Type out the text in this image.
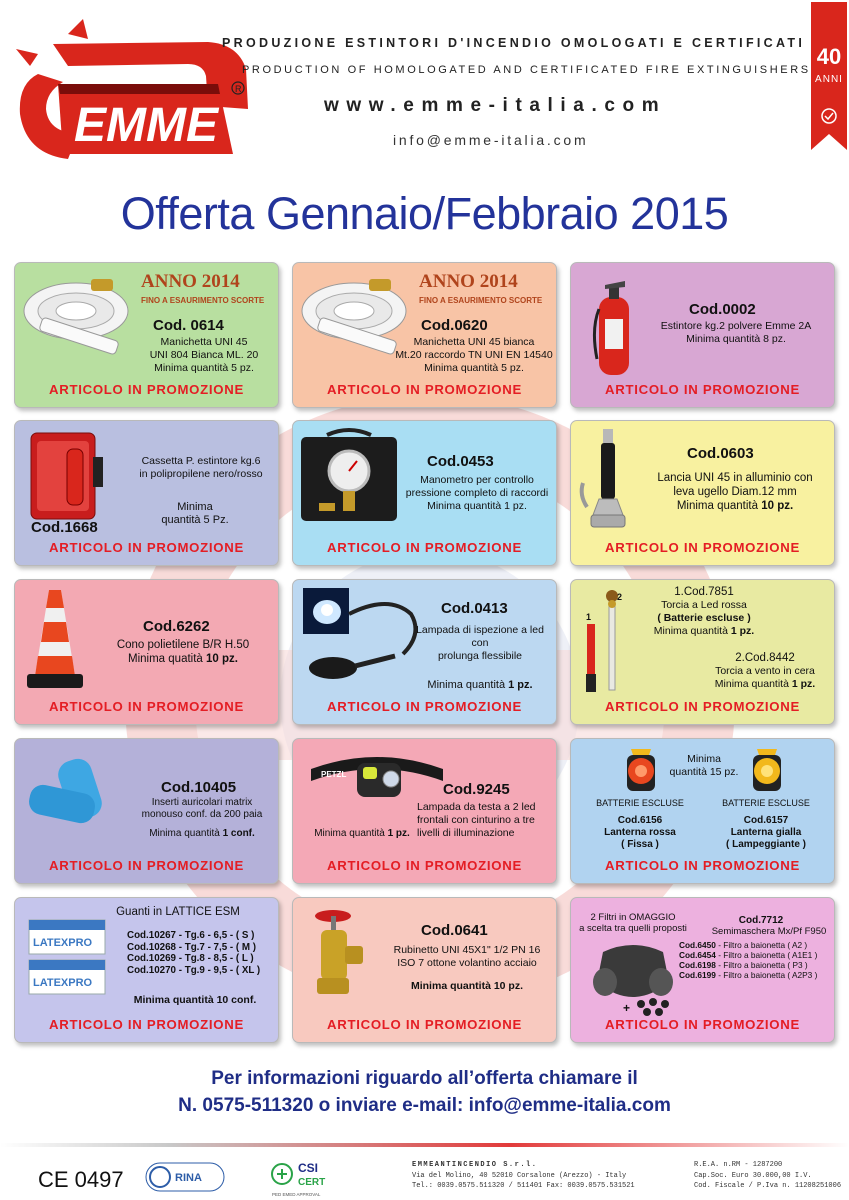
EMME
R
PRODUZIONE ESTINTORI D'INCENDIO OMOLOGATI E CERTIFICATI
PRODUCTION OF HOMOLOGATED AND CERTIFICATED FIRE EXTINGUISHERS
www.emme-italia.com
info@emme-italia.com
40
ANNI
Offerta Gennaio/Febbraio 2015
ANNO 2014
FINO A ESAURIMENTO SCORTE
Cod. 0614
Manichetta UNI 45
UNI 804 Bianca ML. 20
Minima quantità 5 pz.
ARTICOLO IN PROMOZIONE
ANNO 2014
FINO A ESAURIMENTO SCORTE
Cod.0620
Manichetta UNI 45 bianca
Mt.20 raccordo TN UNI EN 14540
Minima quantità 5 pz.
ARTICOLO IN PROMOZIONE
Cod.0002
Estintore kg.2 polvere Emme 2A
Minima quantità 8 pz.
ARTICOLO IN PROMOZIONE
Cassetta P. estintore kg.6
in polipropilene nero/rosso
Minima
quantità 5 Pz.
Cod.1668
ARTICOLO IN PROMOZIONE
Cod.0453
Manometro per controllo
pressione completo di raccordi
Minima quantità 1 pz.
ARTICOLO IN PROMOZIONE
Cod.0603
Lancia UNI 45 in alluminio con
leva ugello Diam.12 mm
Minima quantità 10 pz.
ARTICOLO IN PROMOZIONE
Cod.6262
Cono polietilene B/R H.50
Minima quatità 10 pz.
ARTICOLO IN PROMOZIONE
Cod.0413
Lampada di ispezione a led
con
prolunga flessibile
Minima quantità 1 pz.
ARTICOLO IN PROMOZIONE
1
2	1.Cod.7851
Torcia a Led rossa
( Batterie escluse )
Minima quantità 1 pz.
2.Cod.8442
Torcia a vento in cera
Minima quantità 1 pz.
ARTICOLO IN PROMOZIONE
Cod.10405
Inserti auricolari matrix
monouso conf. da 200 paia
Minima quantità 1 conf.
ARTICOLO IN PROMOZIONE
PETZL
Cod.9245
Lampada da testa a 2 led
frontali con cinturino a tre
livelli di illuminazione
Minima quantità 1 pz.
ARTICOLO IN PROMOZIONE
Minima
quantità 15 pz.
BATTERIE ESCLUSE	BATTERIE ESCLUSE
Cod.6156
Lanterna rossa
( Fissa )
Cod.6157
Lanterna gialla
( Lampeggiante )
ARTICOLO IN PROMOZIONE
LATEXPRO
LATEXPRO
Guanti in LATTICE ESM
Cod.10267 - Tg.6 - 6,5 - ( S )
Cod.10268 - Tg.7 - 7,5 - ( M )
Cod.10269 - Tg.8 - 8,5 - ( L )
Cod.10270 - Tg.9 - 9,5 - ( XL )
Minima quantità 10 conf.
ARTICOLO IN PROMOZIONE
Cod.0641
Rubinetto UNI 45X1" 1/2 PN 16
ISO 7 ottone volantino acciaio
Minima quantità 10 pz.
ARTICOLO IN PROMOZIONE
2 Filtri in OMAGGIO
a scelta tra quelli proposti
Cod.7712
Semimaschera Mx/Pf F950
+
Cod.6450 - Filtro a baionetta ( A2 )
Cod.6454 - Filtro a baionetta ( A1E1 )
Cod.6198 - Filtro a baionetta ( P3 )
Cod.6199 - Filtro a baionetta ( A2P3 )
ARTICOLO IN PROMOZIONE
Per informazioni riguardo all’offerta chiamare il
N. 0575-511320 o inviare e-mail: info@emme-italia.com
CE 0497	RINA
CSI
CERT
PED EMED APPROVAL
EMMEANTINCENDIO S.r.l.
Via del Molino, 40 52010 Corsalone (Arezzo) - Italy
Tel.: 0039.0575.511320 / 511401 Fax: 0039.0575.531521
R.E.A. n.RM - 1287200
Cap.Soc. Euro 30.000,00 I.V.
Cod. Fiscale / P.Iva n. 11208251006
